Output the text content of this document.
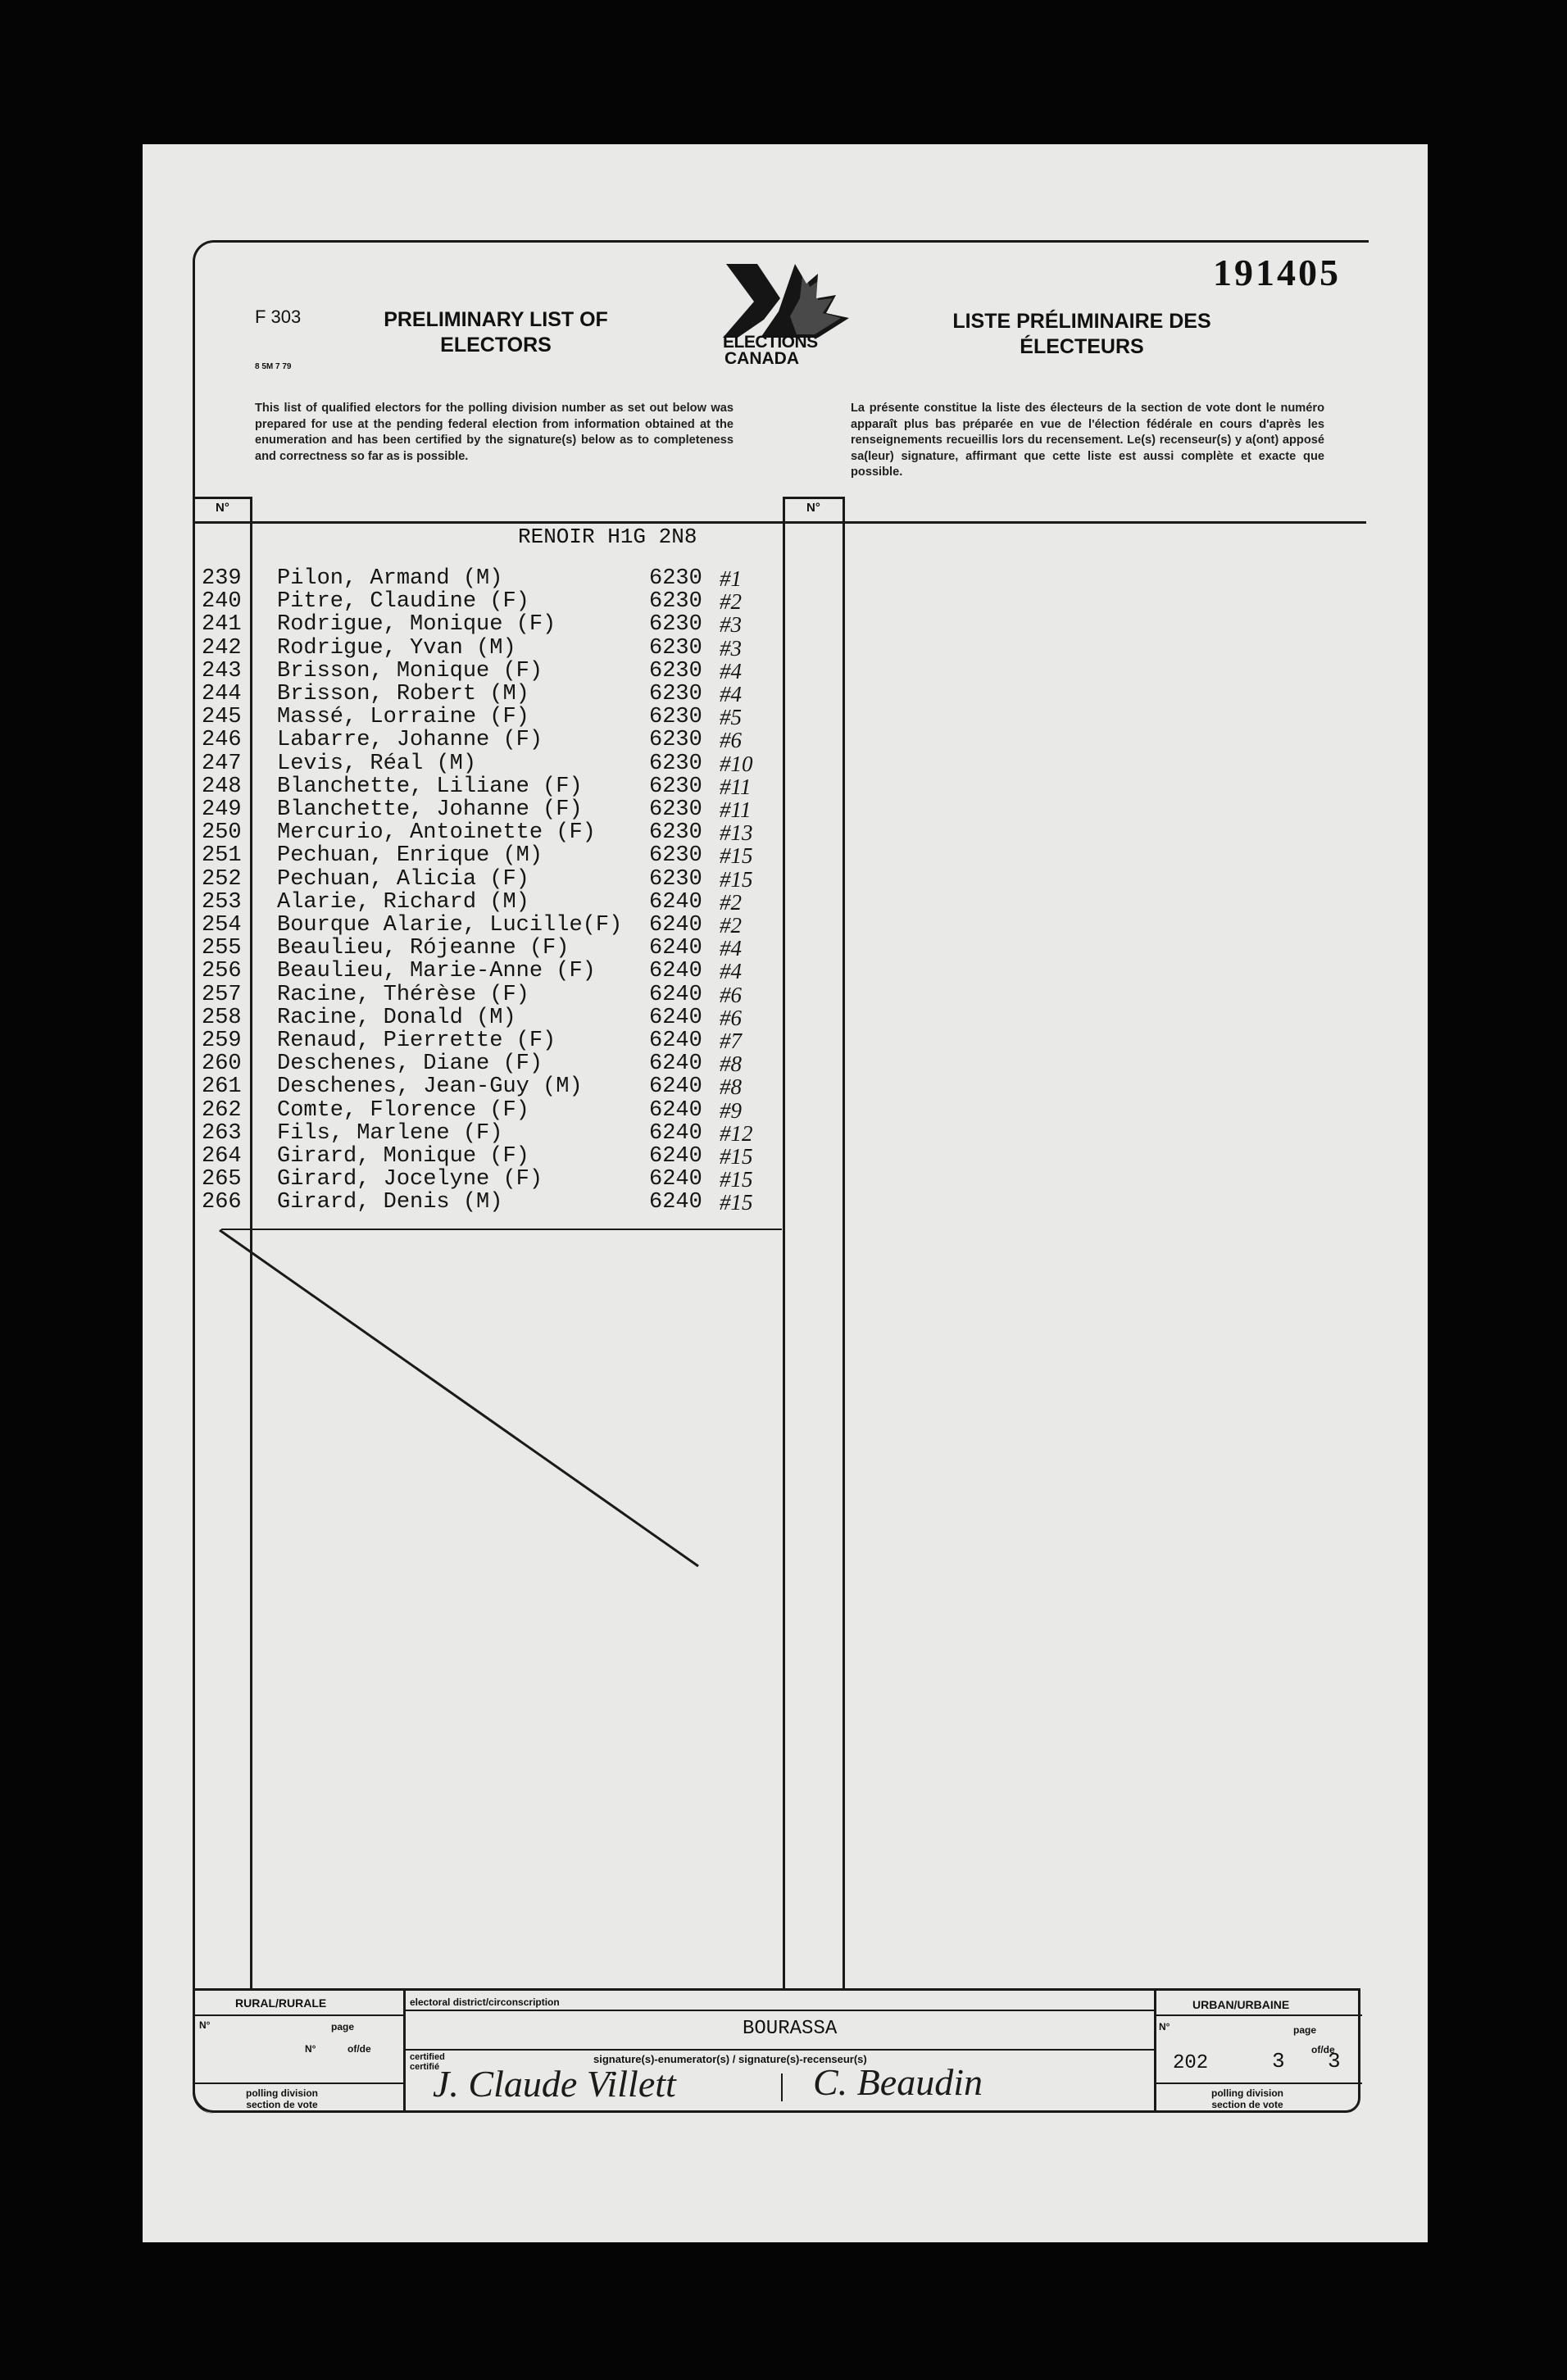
191405
F 303
8 5M 7 79
PRELIMINARY LIST OF
ELECTORS	ELECTIONS
CANADA
LISTE PRÉLIMINAIRE DES
ÉLECTEURS
This list of qualified electors for the polling division number as set out below was prepared for use at the pending federal election from information obtained at the enumeration and has been certified by the signature(s) below as to completeness and correctness so far as is possible.
La présente constitue la liste des électeurs de la section de vote dont le numéro apparaît plus bas préparée en vue de l'élection fédérale en cours d'après les renseignements recueillis lors du recensement. Le(s) recenseur(s) y a(ont) apposé sa(leur) signature, affirmant que cette liste est aussi complète et exacte que possible.
N°	N°
RENOIR H1G 2N8
239	Pilon, Armand (M)	6230 #1
240	Pitre, Claudine (F)	6230 #2
241	Rodrigue, Monique (F)	6230 #3
242	Rodrigue, Yvan (M)	6230 #3
243	Brisson, Monique (F)	6230 #4
244	Brisson, Robert (M)	6230 #4
245	Massé, Lorraine (F)	6230 #5
246	Labarre, Johanne (F)	6230 #6
247	Levis, Réal (M)	6230 #10
248	Blanchette, Liliane (F)	6230 #11
249	Blanchette, Johanne (F)	6230 #11
250	Mercurio, Antoinette (F) 6230 #13
251	Pechuan, Enrique (M)	6230 #15
252	Pechuan, Alicia (F)	6230 #15
253	Alarie, Richard (M)	6240 #2
254	Bourque Alarie, Lucille(F) 6240 #2
255	Beaulieu, Rójeanne (F)	6240 #4
256	Beaulieu, Marie-Anne (F) 6240 #4
257	Racine, Thérèse (F)	6240 #6
258	Racine, Donald (M)	6240 #6
259	Renaud, Pierrette (F)	6240 #7
260	Deschenes, Diane (F)	6240 #8
261	Deschenes, Jean-Guy (M)	6240 #8
262	Comte, Florence (F)	6240 #9
263	Fils, Marlene (F)	6240 #12
264	Girard, Monique (F)	6240 #15
265	Girard, Jocelyne (F)	6240 #15
266	Girard, Denis (M)	6240 #15
RURAL/RURALE
N°	page
N°	of/de
polling division
section de vote
electoral district/circonscription
BOURASSA
certified
certifié
signature(s)-enumerator(s) / signature(s)-recenseur(s)
J. Claude Villett	C. Beaudin
URBAN/URBAINE
N°	page
of/de
202	3 3
polling division
section de vote
